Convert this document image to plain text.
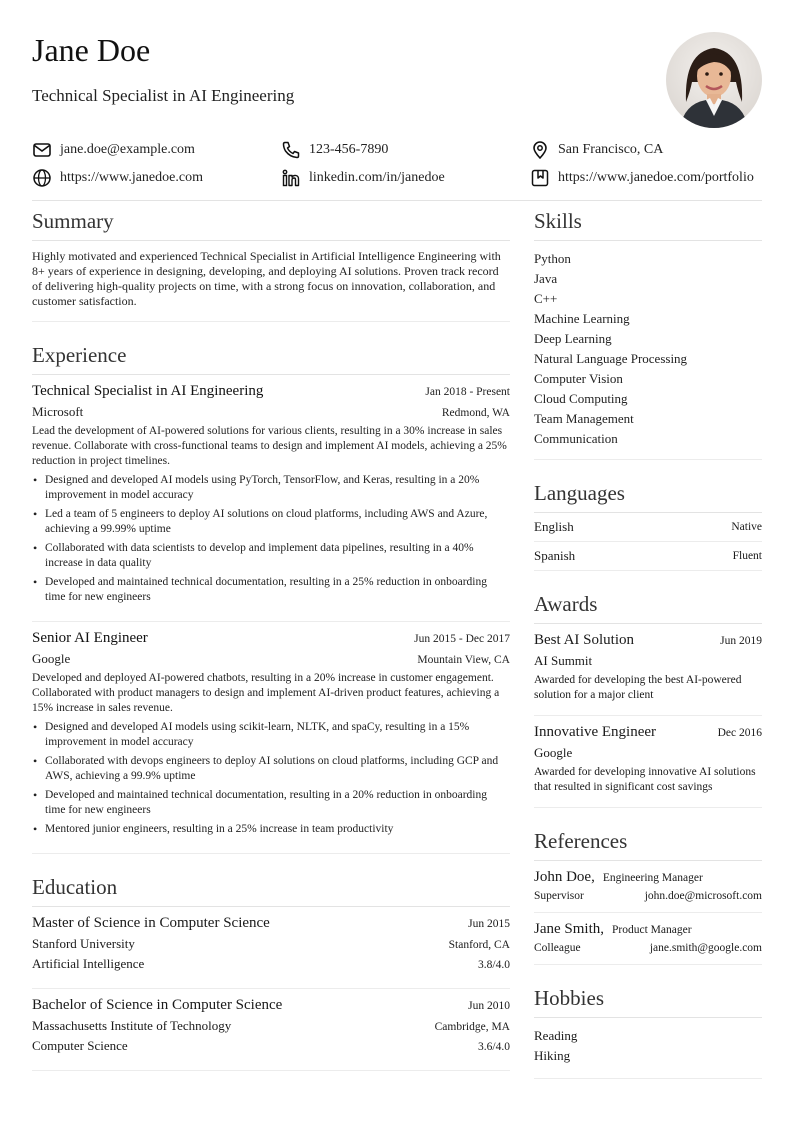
Jane Doe
Technical Specialist in AI Engineering
jane.doe@example.com	123-456-7890	San Francisco, CA
https://www.janedoe.com	linkedin.com/in/janedoe	https://www.janedoe.com/portfolio
Summary
Highly motivated and experienced Technical Specialist in Artificial Intelligence Engineering with 8+ years of experience in designing, developing, and deploying AI solutions. Proven track record of delivering high-quality projects on time, with a strong focus on innovation, collaboration, and customer satisfaction.
Experience
Technical Specialist in AI Engineering	Jan 2018 - Present
Microsoft	Redmond, WA
Lead the development of AI-powered solutions for various clients, resulting in a 30% increase in sales revenue. Collaborate with cross-functional teams to design and implement AI models, achieving a 25% reduction in project timelines.
• Designed and developed AI models using PyTorch, TensorFlow, and Keras, resulting in a 20% improvement in model accuracy
• Led a team of 5 engineers to deploy AI solutions on cloud platforms, including AWS and Azure, achieving a 99.99% uptime
• Collaborated with data scientists to develop and implement data pipelines, resulting in a 40% increase in data quality
• Developed and maintained technical documentation, resulting in a 25% reduction in onboarding time for new engineers
Senior AI Engineer	Jun 2015 - Dec 2017
Google	Mountain View, CA
Developed and deployed AI-powered chatbots, resulting in a 20% increase in customer engagement. Collaborated with product managers to design and implement AI-driven product features, achieving a 15% increase in sales revenue.
• Designed and developed AI models using scikit-learn, NLTK, and spaCy, resulting in a 15% improvement in model accuracy
• Collaborated with devops engineers to deploy AI solutions on cloud platforms, including GCP and AWS, achieving a 99.9% uptime
• Developed and maintained technical documentation, resulting in a 20% reduction in onboarding time for new engineers
• Mentored junior engineers, resulting in a 25% increase in team productivity
Education
Master of Science in Computer Science	Jun 2015
Stanford University	Stanford, CA
Artificial Intelligence	3.8/4.0
Bachelor of Science in Computer Science	Jun 2010
Massachusetts Institute of Technology	Cambridge, MA
Computer Science	3.6/4.0
Skills
Python
Java
C++
Machine Learning
Deep Learning
Natural Language Processing
Computer Vision
Cloud Computing
Team Management
Communication
Languages
English	Native
Spanish	Fluent
Awards
Best AI Solution	Jun 2019
AI Summit
Awarded for developing the best AI-powered solution for a major client
Innovative Engineer	Dec 2016
Google
Awarded for developing innovative AI solutions that resulted in significant cost savings
References
John Doe, Engineering Manager
Supervisor	john.doe@microsoft.com
Jane Smith, Product Manager
Colleague	jane.smith@google.com
Hobbies
Reading
Hiking
